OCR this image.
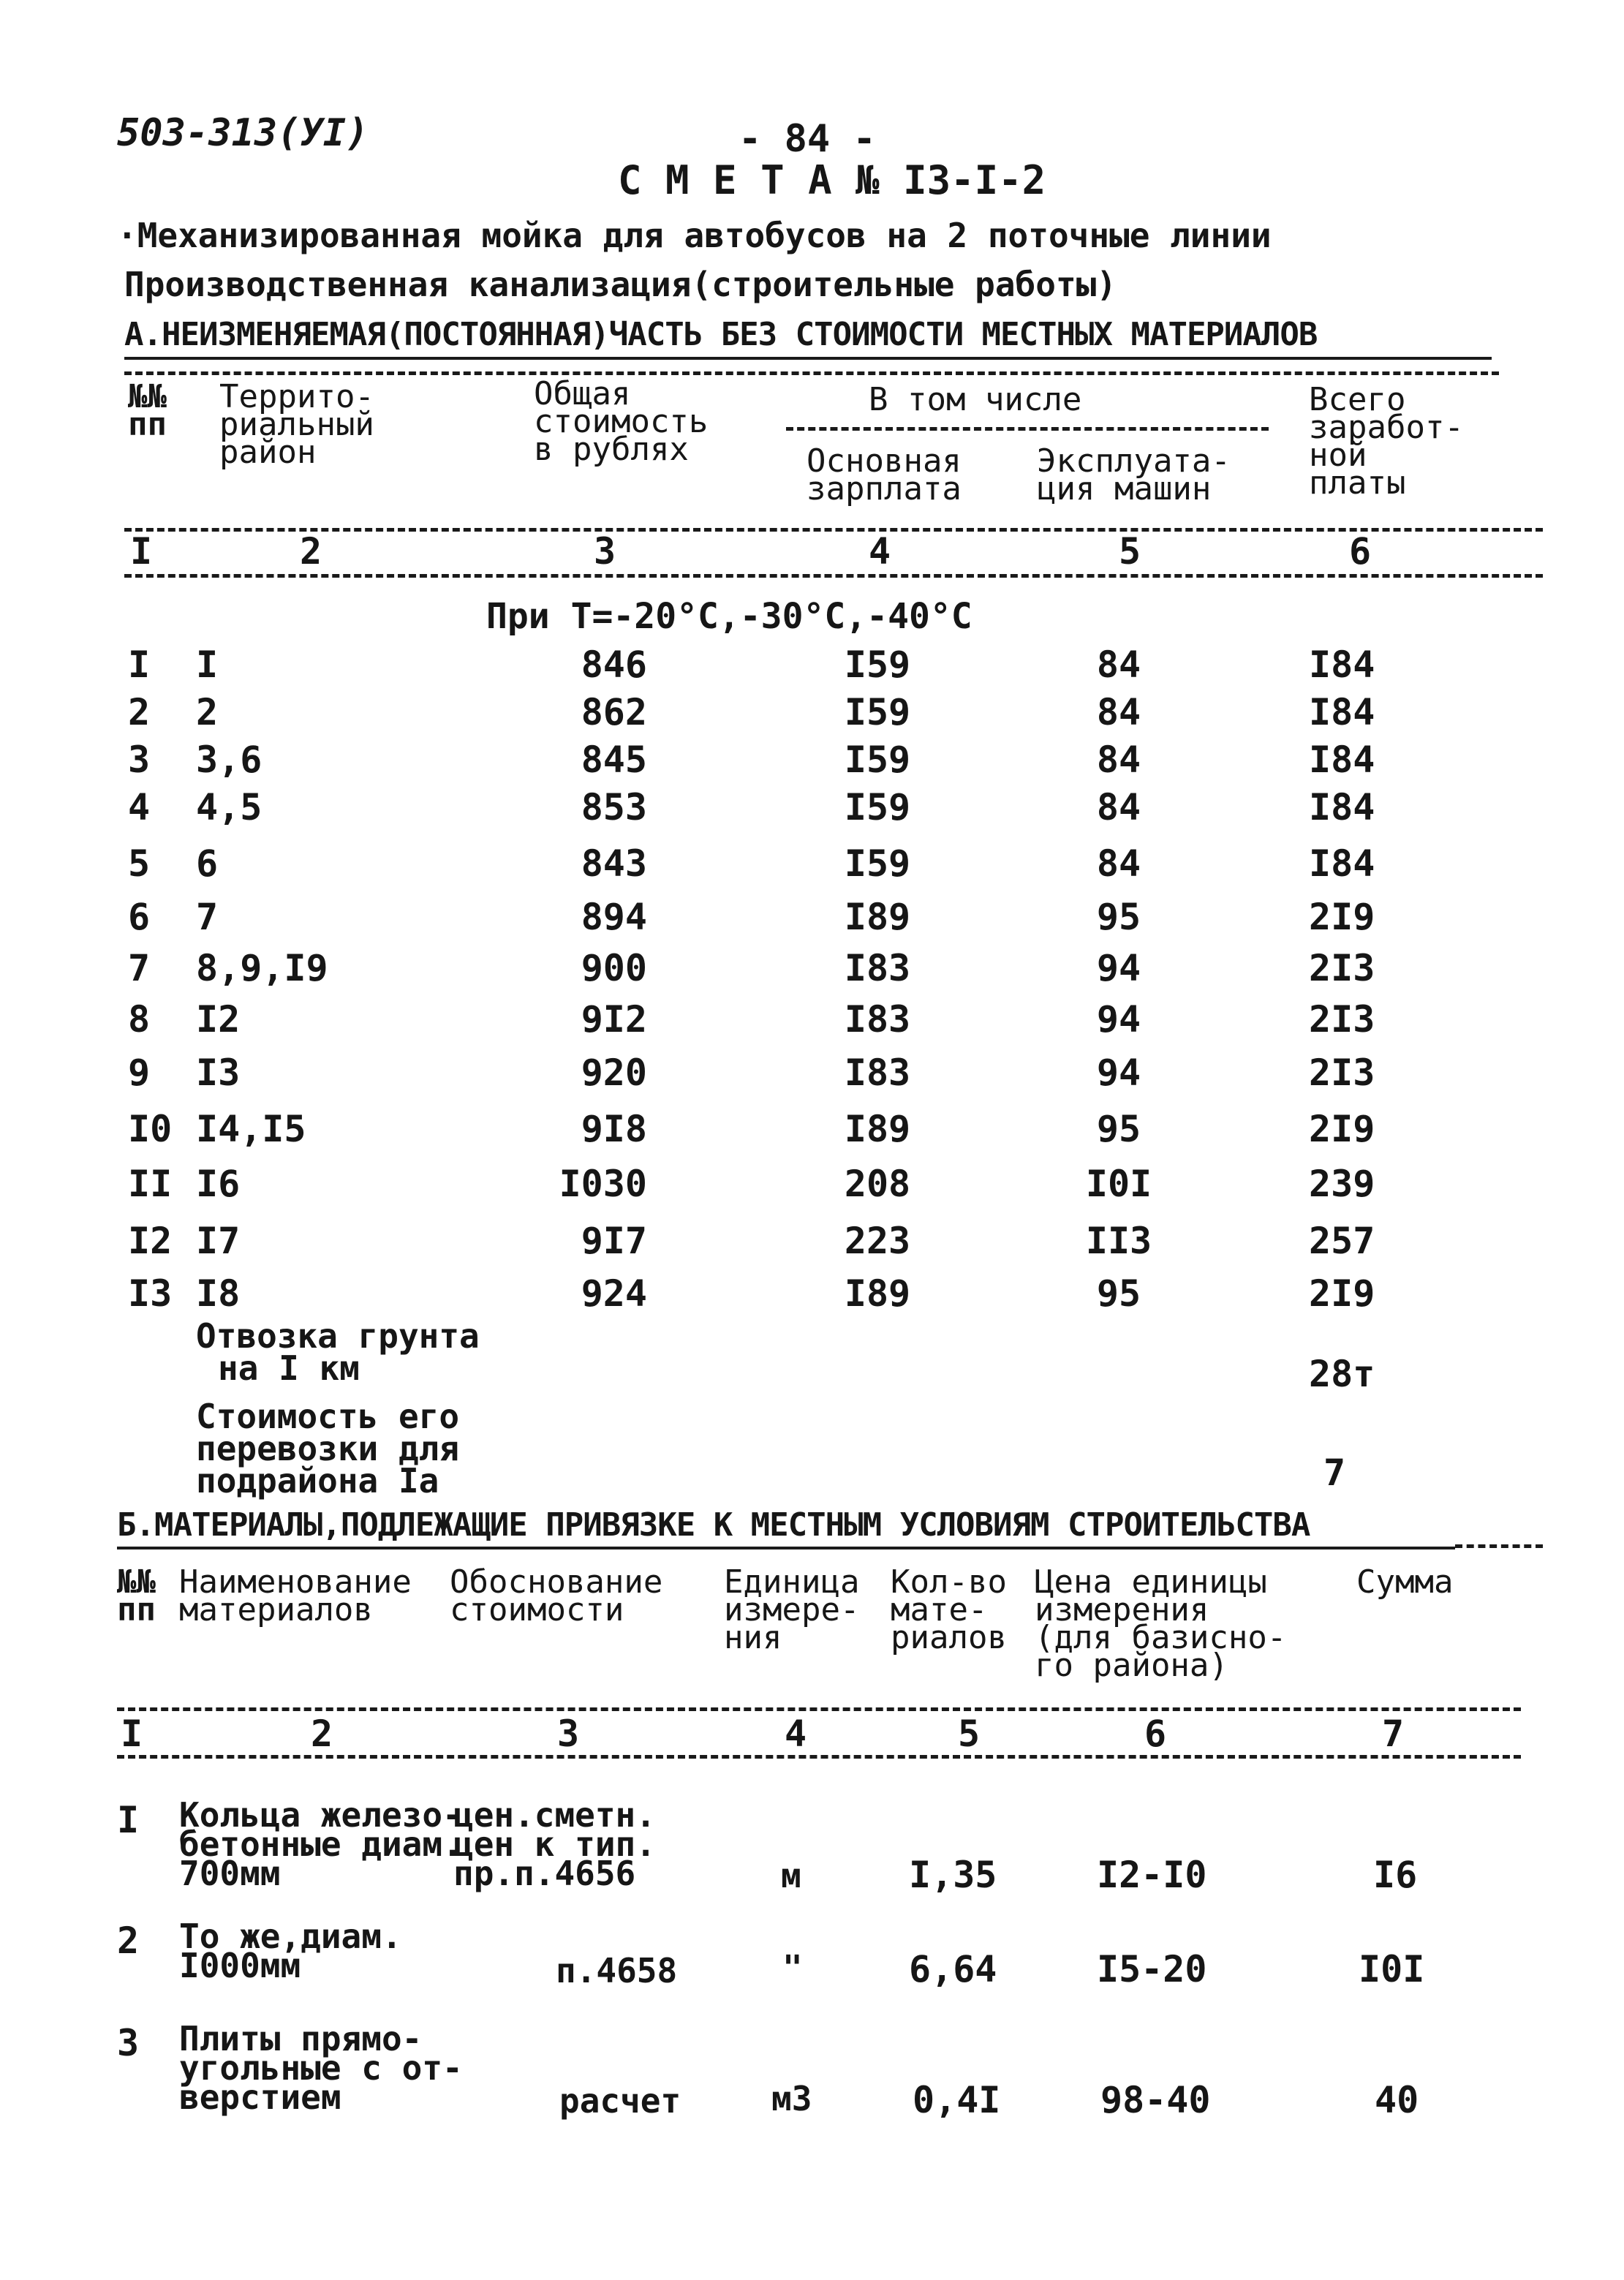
503-313(УI)	- 84 -
С М Е Т А № I3-I-2
·Механизированная мойка для автобусов на 2 поточные линии
Производственная канализация(строительные работы)
А.НЕИЗМЕНЯЕМАЯ(ПОСТОЯННАЯ)ЧАСТЬ БЕЗ СТОИМОСТИ МЕСТНЫХ МАТЕРИАЛОВ
№№
пп
Террито-
риальный
район
Общая
стоимость
в рублях
В том числе
Основная
зарплата
Эксплуата-
ция машин
Всего
заработ-
ной
платы
I	2	3	4	5	6
При Т=-20°С,-30°С,-40°С
I I	846	I59	84	I84
2 2	862	I59	84	I84
3 3,6	845	I59	84	I84
4 4,5	853	I59	84	I84
5 6	843	I59	84	I84
6 7	894	I89	95	2I9
7 8,9,I9	900	I83	94	2I3
8 I2	9I2	I83	94	2I3
9 I3	920	I83	94	2I3
I0 I4,I5	9I8	I89	95	2I9
II I6	I030	208	I0I	239
I2 I7	9I7	223	II3	257
I3 I8	924	I89	95	2I9
Отвозка грунта
на I км	28т
Стоимость его
перевозки для
подрайона Iа	7
Б.МАТЕРИАЛЫ,ПОДЛЕЖАЩИЕ ПРИВЯЗКЕ К МЕСТНЫМ УСЛОВИЯМ СТРОИТЕЛЬСТВА
№№
пп
Наименование
материалов
Обоснование
стоимости
Единица
измере-
ния
Кол-во
мате-
риалов
Цена единицы
измерения
(для базисно-
го района)
Сумма
I	2	3	4	5	6	7
I Кольца железо-
бетонные диам.
700мм
цен.сметн.
цен к тип.
пр.п.4656	м	I,35	I2-I0	I6
2 То же,диам.
I000мм	п.4658	"	6,64	I5-20	I0I
3 Плиты прямо-
угольные с от-
верстием	расчет	м3	0,4I	98-40	40
